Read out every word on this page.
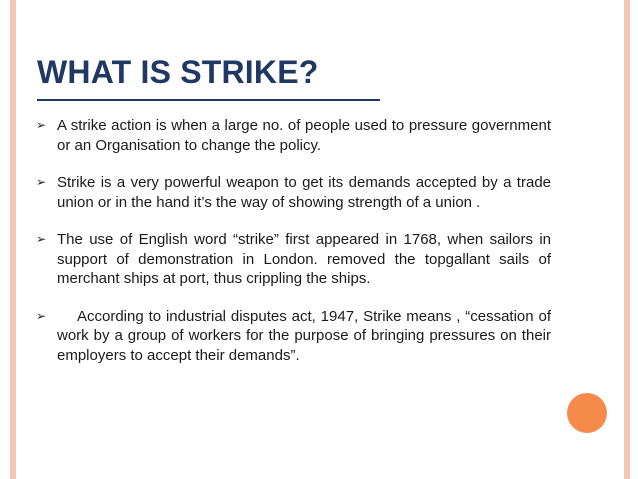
WHAT IS STRIKE?
➢ A strike action is when a large no. of people used to pressure government or an Organisation to change the policy.
➢ Strike is a very powerful weapon to get its demands accepted by a trade union or in the hand it’s the way of showing strength of a union .
➢ The use of English word “strike” first appeared in 1768, when sailors in support of demonstration in London. removed the topgallant sails of merchant ships at port, thus crippling the ships.
➢	According to industrial disputes act, 1947, Strike means , “cessation of work by a group of workers for the purpose of bringing pressures on their employers to accept their demands”.
